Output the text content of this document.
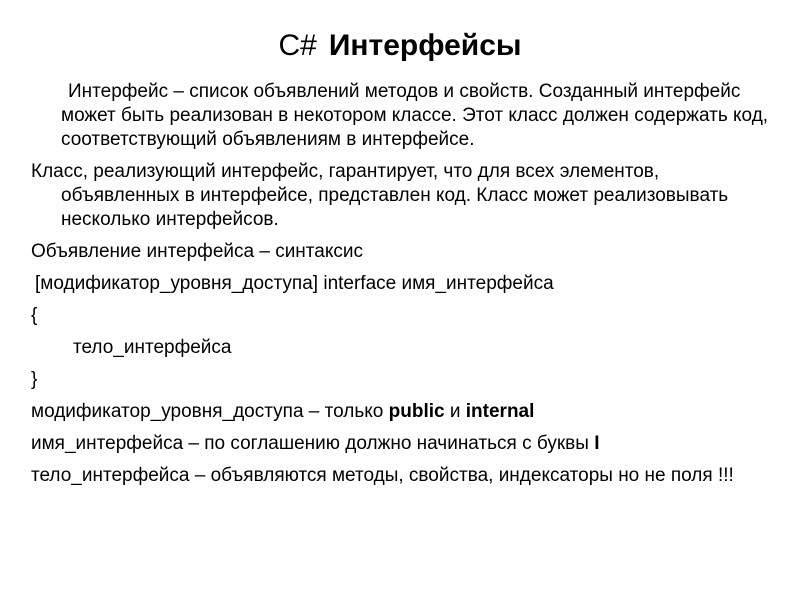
C# Интерфейсы
Интерфейс – список объявлений методов и свойств. Созданный интерфейс может быть реализован в некотором классе. Этот класс должен содержать код, соответствующий объявлениям в интерфейсе.
Класс, реализующий интерфейс, гарантирует, что для всех элементов, объявленных в интерфейсе, представлен код. Класс может реализовывать несколько интерфейсов.
Объявление интерфейса – синтаксис
[модификатор_уровня_доступа] interface имя_интерфейса
{
тело_интерфейса
}
модификатор_уровня_доступа – только public и internal
имя_интерфейса – по соглашению должно начинаться с буквы I
тело_интерфейса – объявляются методы, свойства, индексаторы но не поля !!!
